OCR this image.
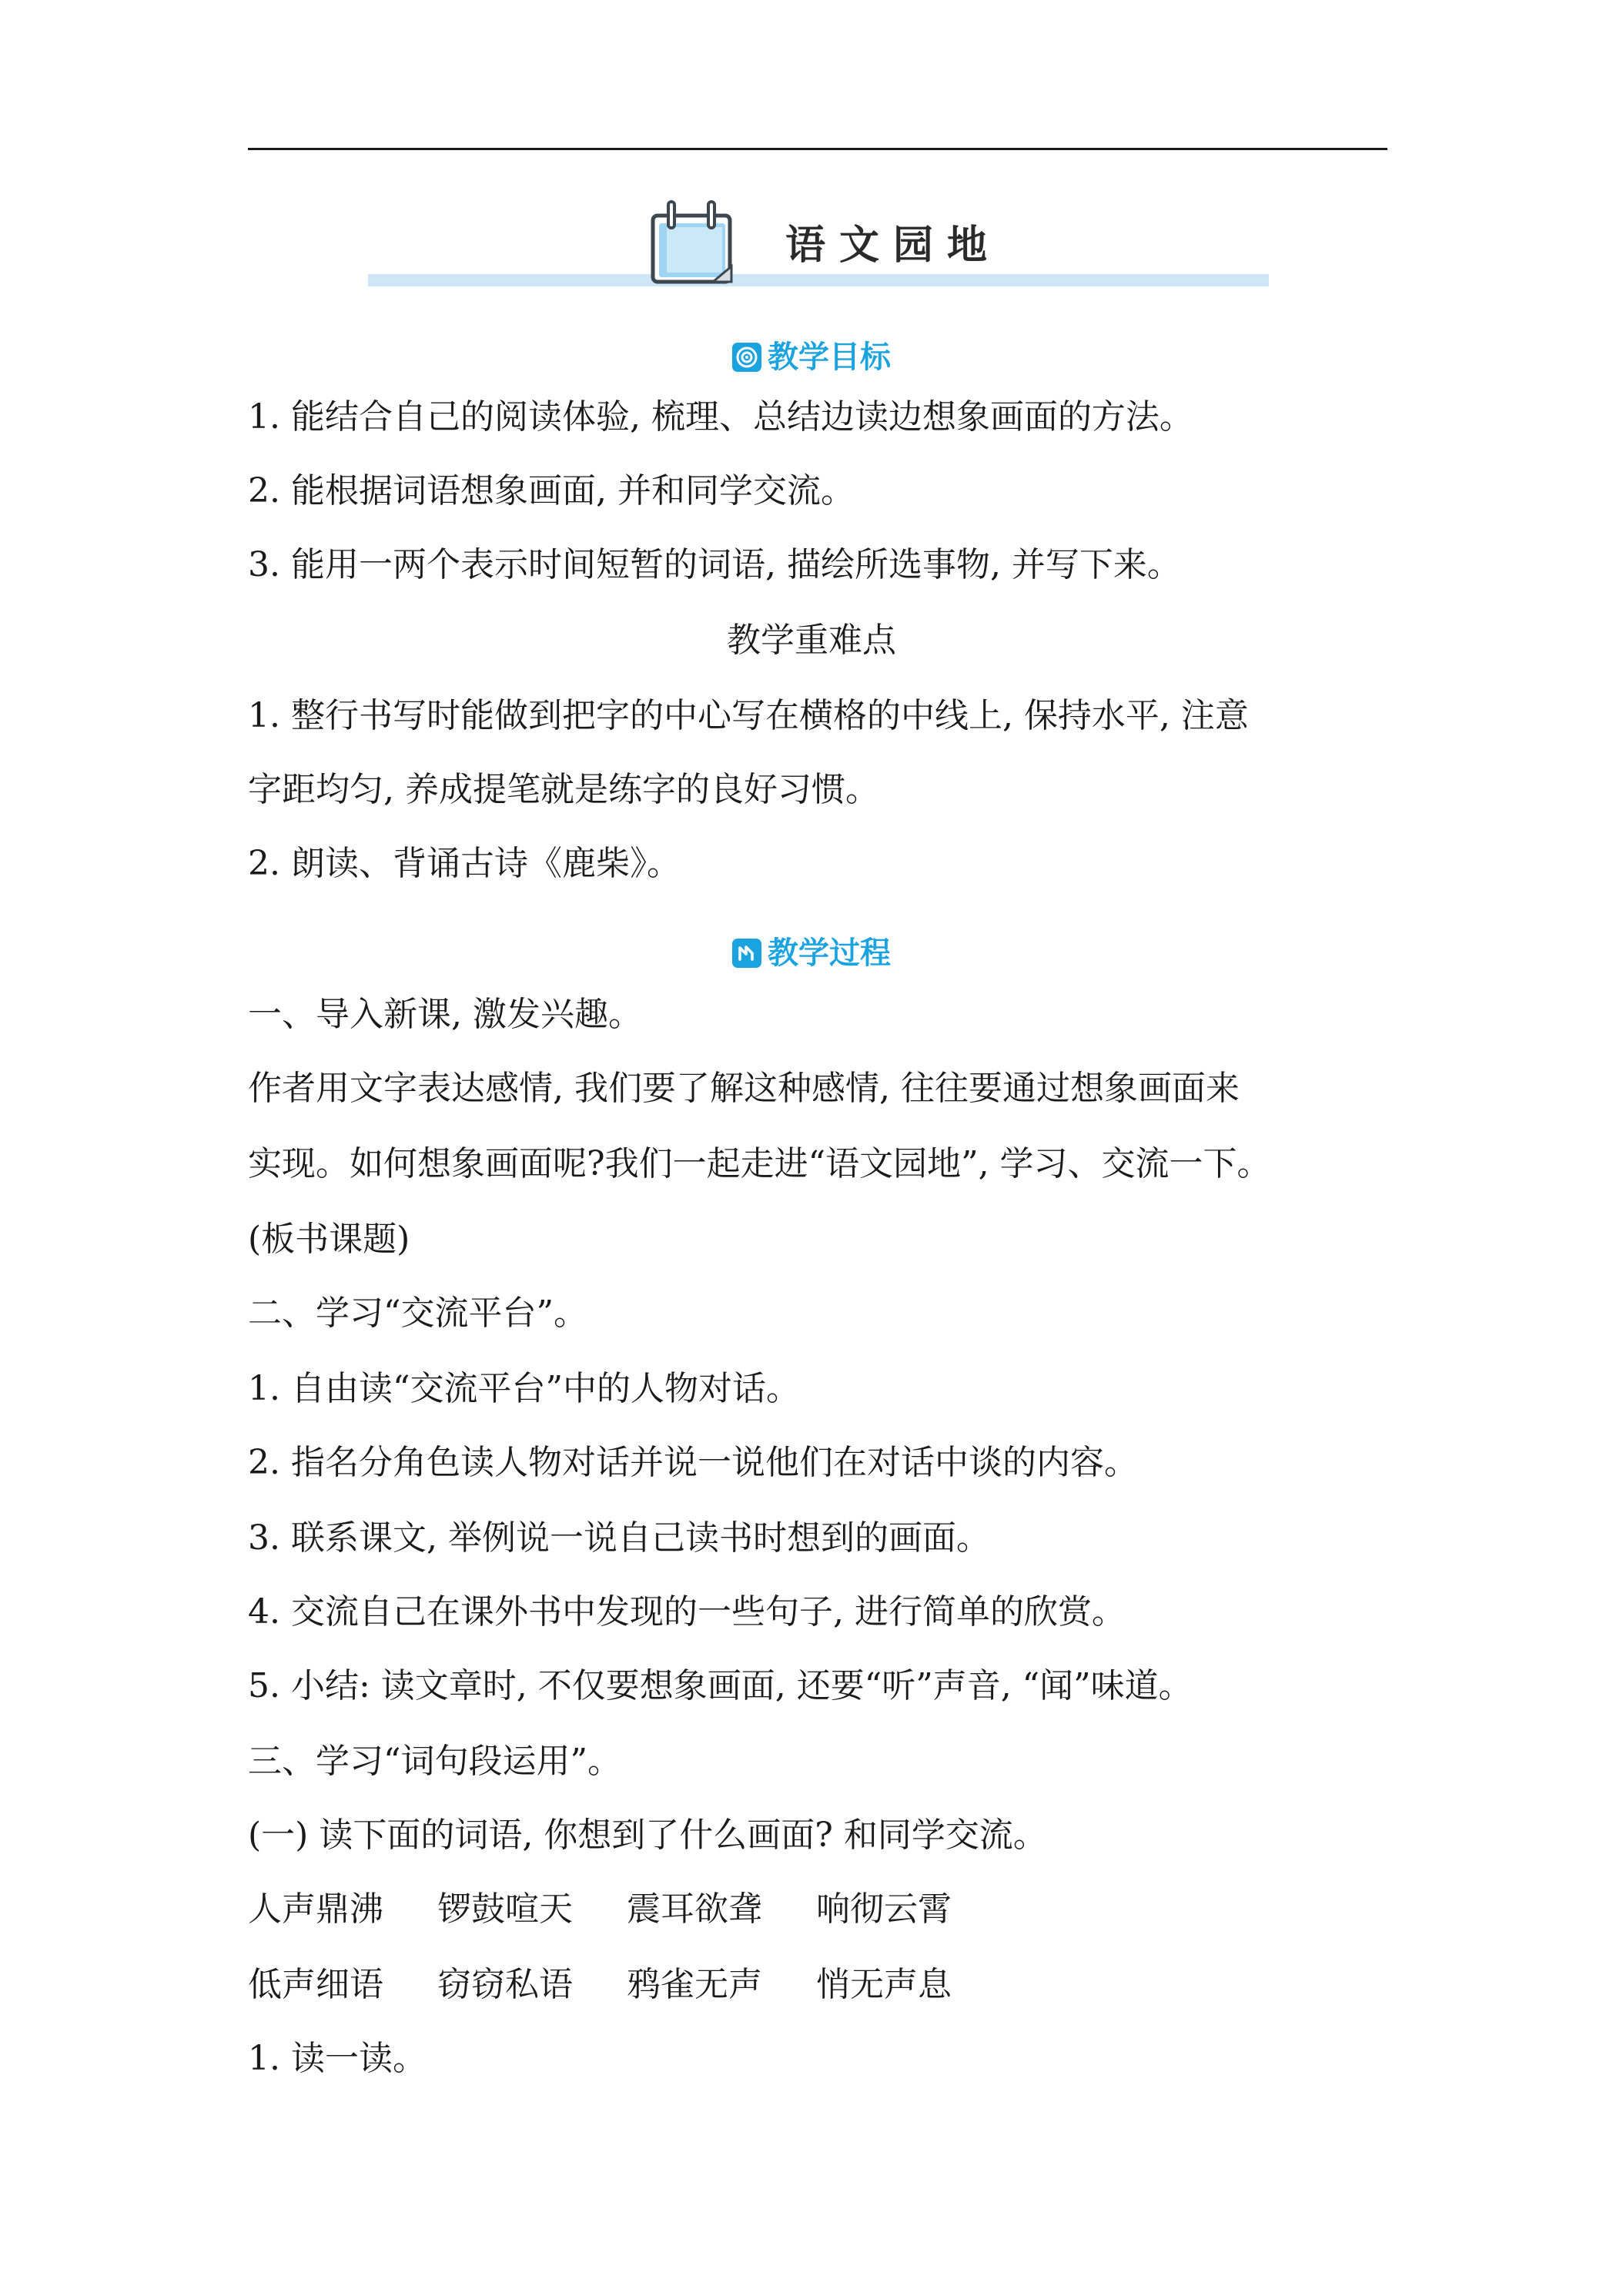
语文园地
教学目标
1. 能结合自己的阅读体验, 梳理、总结边读边想象画面的方法。
2. 能根据词语想象画面, 并和同学交流。
3. 能用一两个表示时间短暂的词语, 描绘所选事物, 并写下来。
教学重难点
1. 整行书写时能做到把字的中心写在横格的中线上, 保持水平, 注意
字距均匀, 养成提笔就是练字的良好习惯。
2. 朗读、背诵古诗《鹿柴》。
教学过程
一、导入新课, 激发兴趣。
作者用文字表达感情, 我们要了解这种感情, 往往要通过想象画面来
实现。如何想象画面呢?我们一起走进“语文园地”, 学习、交流一下。
(板书课题)
二、学习“交流平台”。
1. 自由读“交流平台”中的人物对话。
2. 指名分角色读人物对话并说一说他们在对话中谈的内容。
3. 联系课文, 举例说一说自己读书时想到的画面。
4. 交流自己在课外书中发现的一些句子, 进行简单的欣赏。
5. 小结: 读文章时, 不仅要想象画面, 还要“听”声音, “闻”味道。
三、学习“词句段运用”。
(一) 读下面的词语, 你想到了什么画面? 和同学交流。
人声鼎沸 锣鼓喧天 震耳欲聋 响彻云霄
低声细语 窃窃私语 鸦雀无声 悄无声息
1. 读一读。
